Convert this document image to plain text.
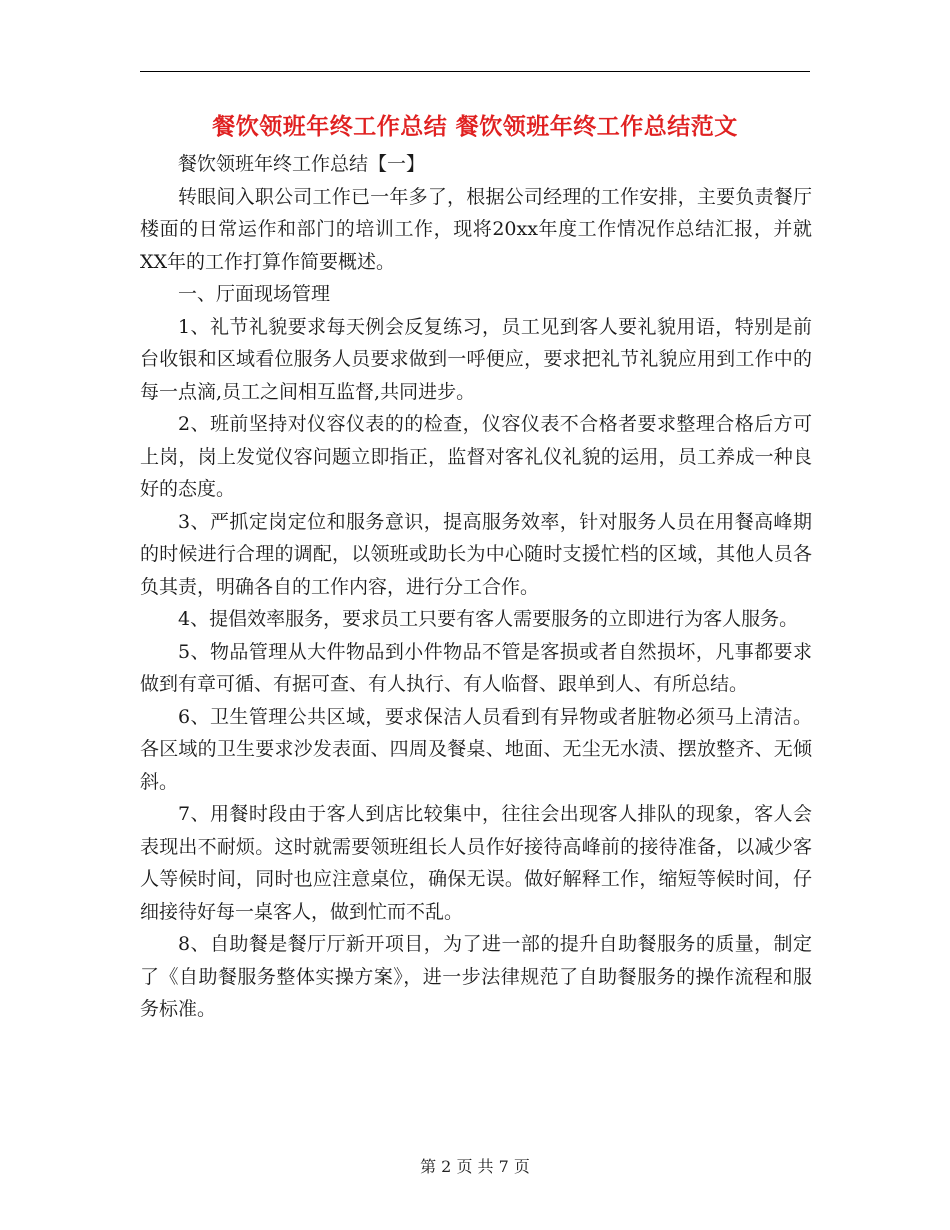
餐饮领班年终工作总结 餐饮领班年终工作总结范文

餐饮领班年终工作总结【一】

转眼间入职公司工作已一年多了，根据公司经理的工作安排，主要负责餐厅楼面的日常运作和部门的培训工作，现将20xx年度工作情况作总结汇报，并就XX年的工作打算作简要概述。

一、厅面现场管理

1、礼节礼貌要求每天例会反复练习，员工见到客人要礼貌用语，特别是前台收银和区域看位服务人员要求做到一呼便应，要求把礼节礼貌应用到工作中的每一点滴,员工之间相互监督,共同进步。

2、班前坚持对仪容仪表的的检查，仪容仪表不合格者要求整理合格后方可上岗，岗上发觉仪容问题立即指正，监督对客礼仪礼貌的运用，员工养成一种良好的态度。

3、严抓定岗定位和服务意识，提高服务效率，针对服务人员在用餐高峰期的时候进行合理的调配，以领班或助长为中心随时支援忙档的区域，其他人员各负其责，明确各自的工作内容，进行分工合作。

4、提倡效率服务，要求员工只要有客人需要服务的立即进行为客人服务。

5、物品管理从大件物品到小件物品不管是客损或者自然损坏，凡事都要求做到有章可循、有据可查、有人执行、有人临督、跟单到人、有所总结。

6、卫生管理公共区域，要求保洁人员看到有异物或者脏物必须马上清洁。各区域的卫生要求沙发表面、四周及餐桌、地面、无尘无水渍、摆放整齐、无倾斜。

7、用餐时段由于客人到店比较集中，往往会出现客人排队的现象，客人会表现出不耐烦。这时就需要领班组长人员作好接待高峰前的接待准备，以减少客人等候时间，同时也应注意桌位，确保无误。做好解释工作，缩短等候时间，仔细接待好每一桌客人，做到忙而不乱。

8、自助餐是餐厅厅新开项目，为了进一部的提升自助餐服务的质量，制定了《自助餐服务整体实操方案》，进一步法律规范了自助餐服务的操作流程和服务标准。

第 2 页 共 7 页
